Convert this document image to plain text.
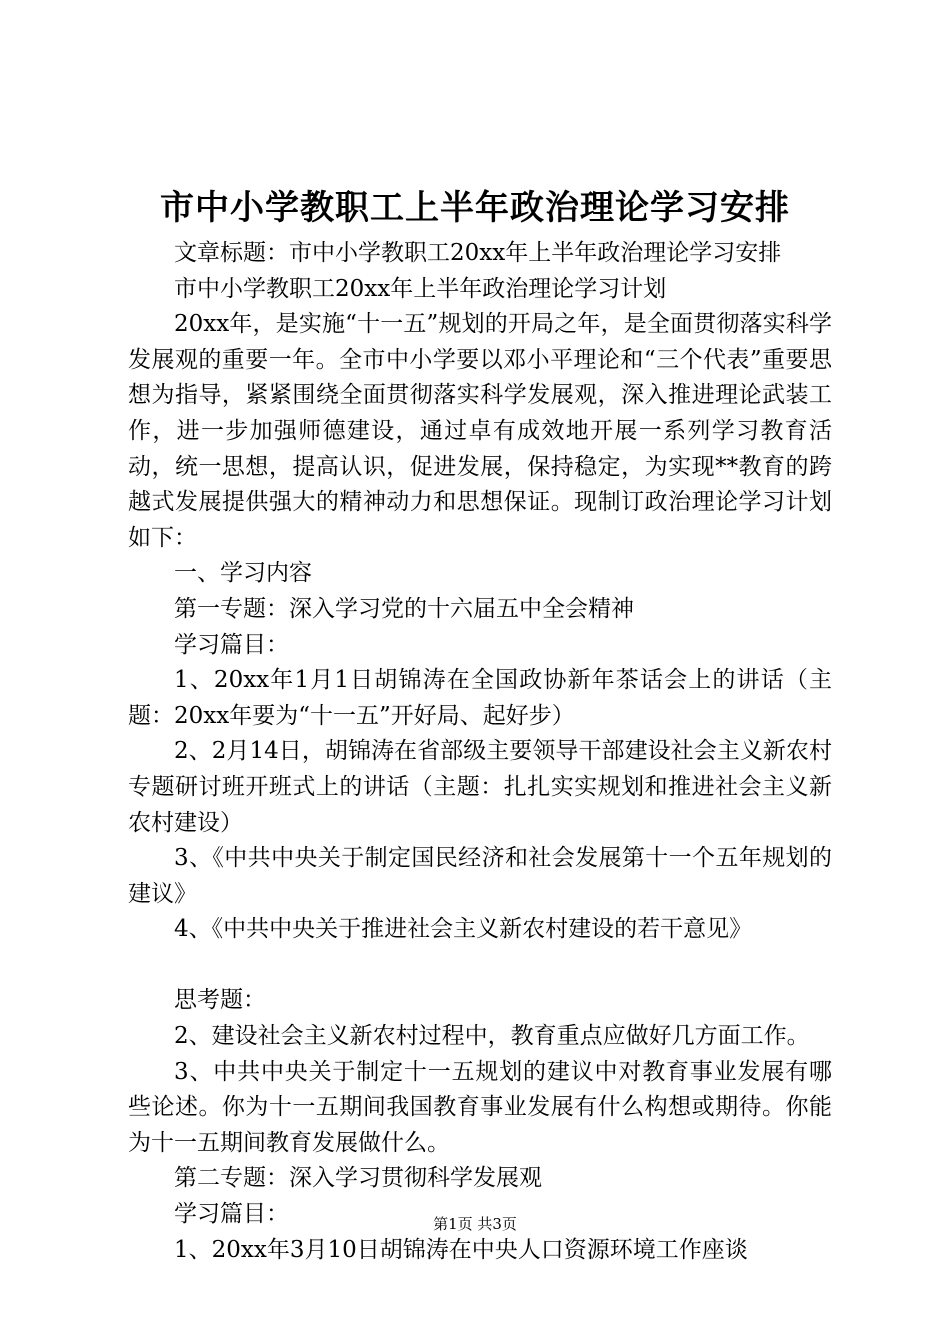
市中小学教职工上半年政治理论学习安排

文章标题：市中小学教职工20xx年上半年政治理论学习安排

市中小学教职工20xx年上半年政治理论学习计划

20xx年，是实施“十一五”规划的开局之年，是全面贯彻落实科学发展观的重要一年。全市中小学要以邓小平理论和“三个代表”重要思想为指导，紧紧围绕全面贯彻落实科学发展观，深入推进理论武装工作，进一步加强师德建设，通过卓有成效地开展一系列学习教育活动，统一思想，提高认识，促进发展，保持稳定，为实现**教育的跨越式发展提供强大的精神动力和思想保证。现制订政治理论学习计划如下：

一、学习内容

第一专题：深入学习党的十六届五中全会精神

学习篇目：

1、20xx年1月1日胡锦涛在全国政协新年茶话会上的讲话（主题：20xx年要为“十一五”开好局、起好步）

2、2月14日，胡锦涛在省部级主要领导干部建设社会主义新农村专题研讨班开班式上的讲话（主题：扎扎实实规划和推进社会主义新农村建设）

3、《中共中央关于制定国民经济和社会发展第十一个五年规划的建议》

4、《中共中央关于推进社会主义新农村建设的若干意见》

思考题：

2、建设社会主义新农村过程中，教育重点应做好几方面工作。

3、中共中央关于制定十一五规划的建议中对教育事业发展有哪些论述。你为十一五期间我国教育事业发展有什么构想或期待。你能为十一五期间教育发展做什么。

第二专题：深入学习贯彻科学发展观

学习篇目：

1、20xx年3月10日胡锦涛在中央人口资源环境工作座谈

第1页 共3页
